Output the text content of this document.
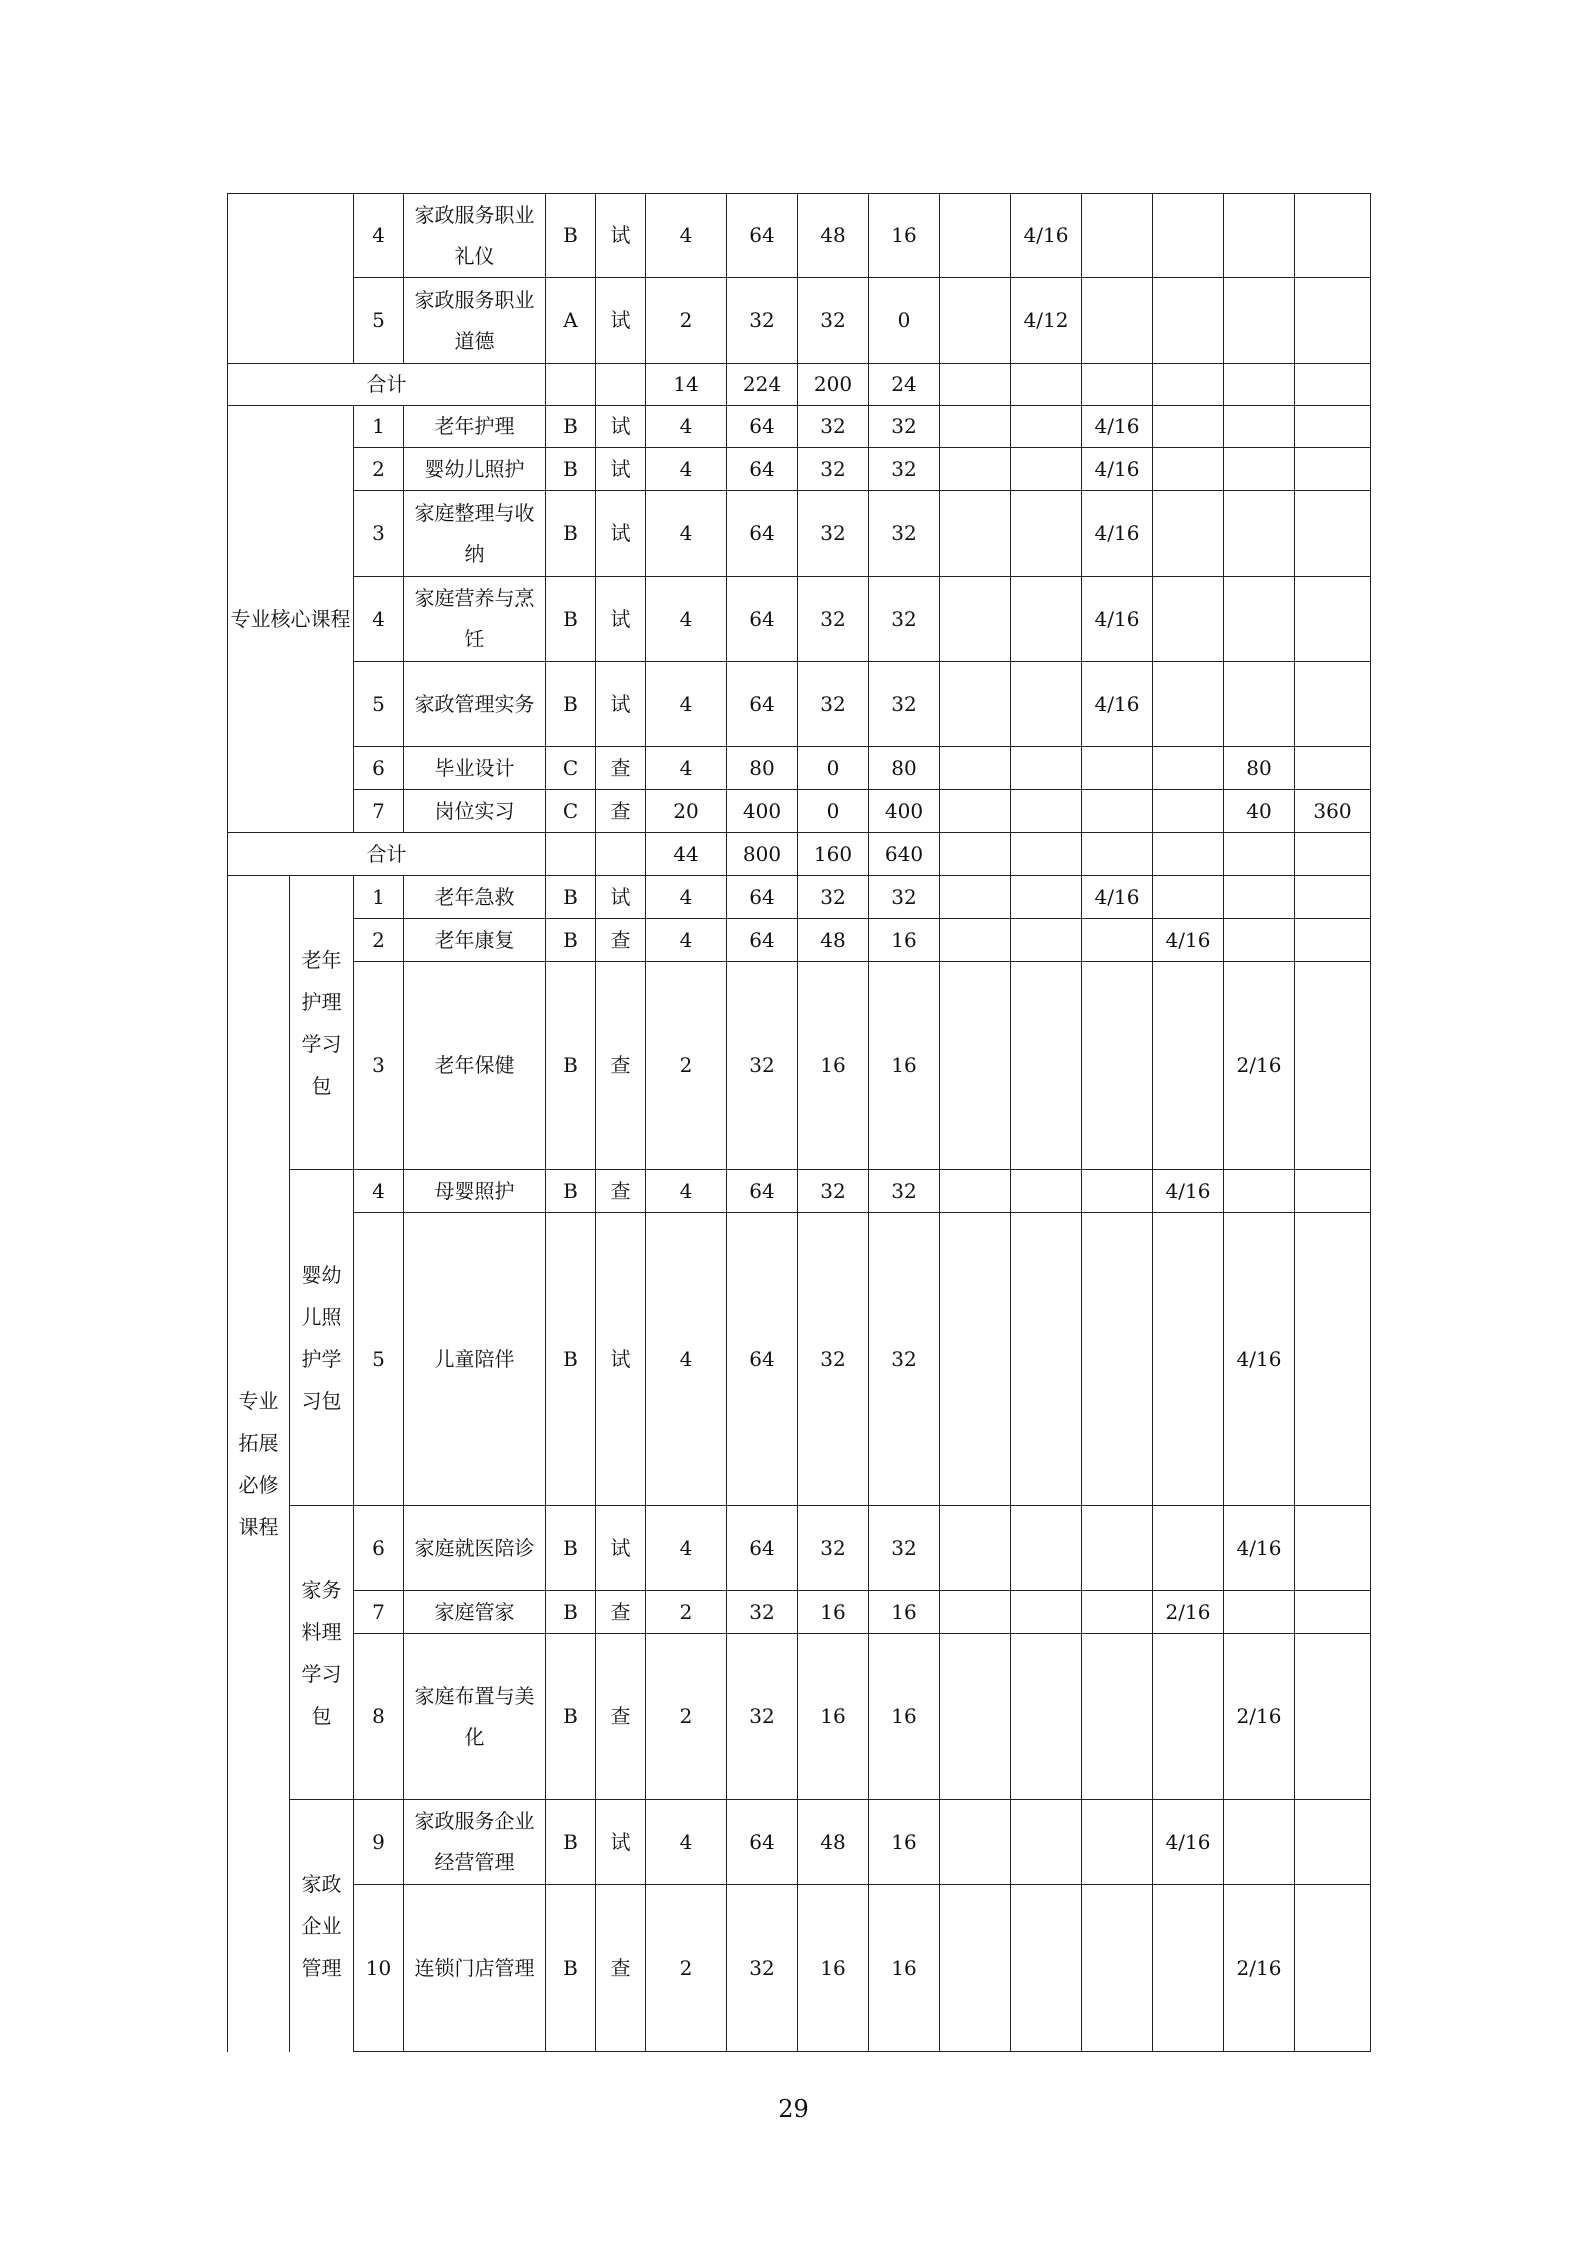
		4	家政服务职业礼仪	B	试	4	64	48	16		4/16				
		5	家政服务职业道德	A	试	2	32	32	0		4/12				
合计						14	224	200	24						
专业核心课程		1	老年护理	B	试	4	64	32	32			4/16			
		2	婴幼儿照护	B	试	4	64	32	32			4/16			
		3	家庭整理与收纳	B	试	4	64	32	32			4/16			
		4	家庭营养与烹饪	B	试	4	64	32	32			4/16			
		5	家政管理实务	B	试	4	64	32	32			4/16			
		6	毕业设计	C	查	4	80	0	80					80	
		7	岗位实习	C	查	20	400	0	400					40	360
合计						44	800	160	640						
专业拓展必修课程	老年护理学习包	1	老年急救	B	试	4	64	32	32			4/16			
		2	老年康复	B	查	4	64	48	16				4/16		
		3	老年保健	B	查	2	32	16	16					2/16	
	婴幼儿照护学习包	4	母婴照护	B	查	4	64	32	32				4/16		
		5	儿童陪伴	B	试	4	64	32	32					4/16	
	家务料理学习包	6	家庭就医陪诊	B	试	4	64	32	32					4/16	
		7	家庭管家	B	查	2	32	16	16				2/16		
		8	家庭布置与美化	B	查	2	32	16	16					2/16	
	家政企业管理	9	家政服务企业经营管理	B	试	4	64	48	16				4/16		
		10	连锁门店管理	B	查	2	32	16	16					2/16	
29
